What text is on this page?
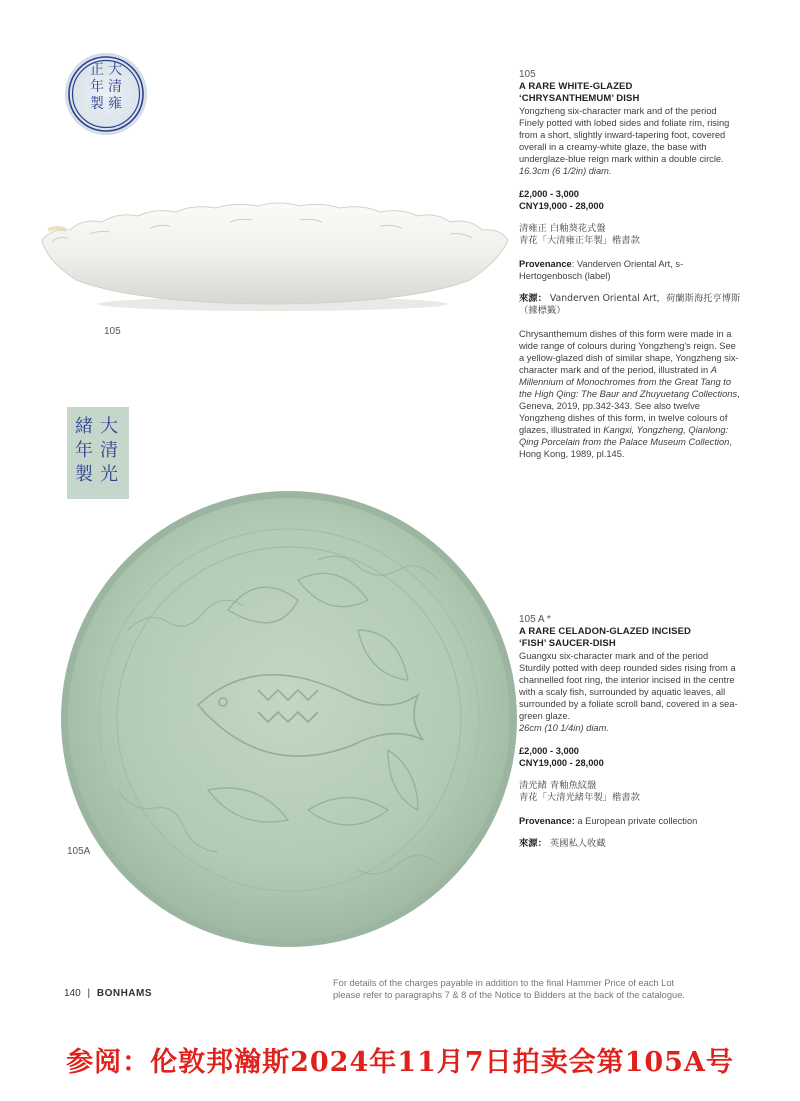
大
清
雍
正
年
製
105
105
A RARE WHITE-GLAZED
‘CHRYSANTHEMUM’ DISH

Yongzheng six-character mark and of the period

Finely potted with lobed sides and foliate rim, rising from a short, slightly inward-tapering foot, covered overall in a creamy-white glaze, the base with underglaze-blue reign mark within a double circle.

16.3cm (6 1/2in) diam.

£2,000 - 3,000
CNY19,000 - 28,000
清雍正 白釉葵花式盤
青花「大清雍正年製」楷書款

Provenance: Vanderven Oriental Art, s-Hertogenbosch (label)

來源： Vanderven Oriental Art，荷蘭斯海托亨博斯（據標籤）

Chrysanthemum dishes of this form were made in a wide range of colours during Yongzheng's reign. See a yellow-glazed dish of similar shape, Yongzheng six-character mark and of the period, illustrated in A Millennium of Monochromes from the Great Tang to the High Qing: The Baur and Zhuyuetang Collections, Geneva, 2019, pp.342-343. See also twelve Yongzheng dishes of this form, in twelve colours of glazes, illustrated in Kangxi, Yongzheng, Qianlong: Qing Porcelain from the Palace Museum Collection, Hong Kong, 1989, pl.145.

大
清
光
緒
年
製
105A
105 A *
A RARE CELADON-GLAZED INCISED
‘FISH’ SAUCER-DISH

Guangxu six-character mark and of the period

Sturdily potted with deep rounded sides rising from a channelled foot ring, the interior incised in the centre with a scaly fish, surrounded by aquatic leaves, all surrounded by a foliate scroll band, covered in a sea-green glaze.

26cm (10 1/4in) diam.

£2,000 - 3,000
CNY19,000 - 28,000
清光緒 青釉魚紋盤
青花「大清光緒年製」楷書款

Provenance: a European private collection

來源： 英國私人收藏

140 | BONHAMS
For details of the charges payable in addition to the final Hammer Price of each Lot
please refer to paragraphs 7 & 8 of the Notice to Bidders at the back of the catalogue.
参阅：伦敦邦瀚斯2024年11月7日拍卖会第105A号
